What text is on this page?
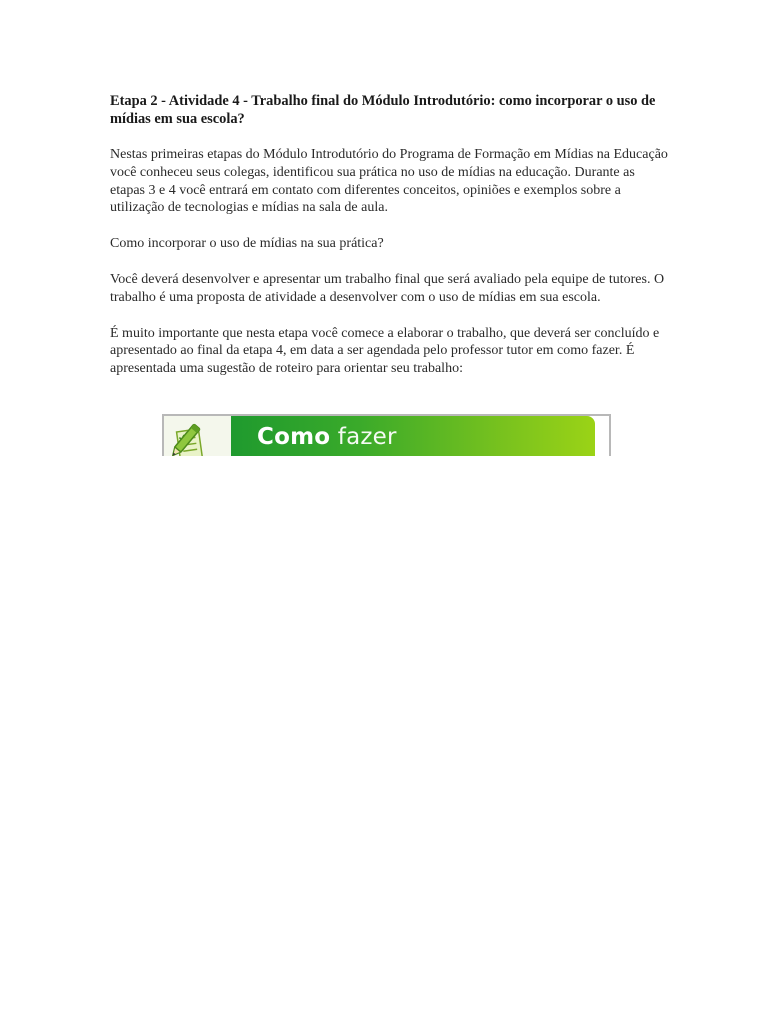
Etapa 2 - Atividade 4 - Trabalho final do Módulo Introdutório: como incorporar o uso de mídias em sua escola?

Nestas primeiras etapas do Módulo Introdutório do Programa de Formação em Mídias na Educação você conheceu seus colegas, identificou sua prática no uso de mídias na educação. Durante as etapas 3 e 4 você entrará em contato com diferentes conceitos, opiniões e exemplos sobre a utilização de tecnologias e mídias na sala de aula.

Como incorporar o uso de mídias na sua prática?

Você deverá desenvolver e apresentar um trabalho final que será avaliado pela equipe de tutores. O trabalho é uma proposta de atividade a desenvolver com o uso de mídias em sua escola.

É muito importante que nesta etapa você comece a elaborar o trabalho, que deverá ser concluído e apresentado ao final da etapa 4, em data a ser agendada pelo professor tutor em como fazer. É apresentada uma sugestão de roteiro para orientar seu trabalho:

Como fazer
